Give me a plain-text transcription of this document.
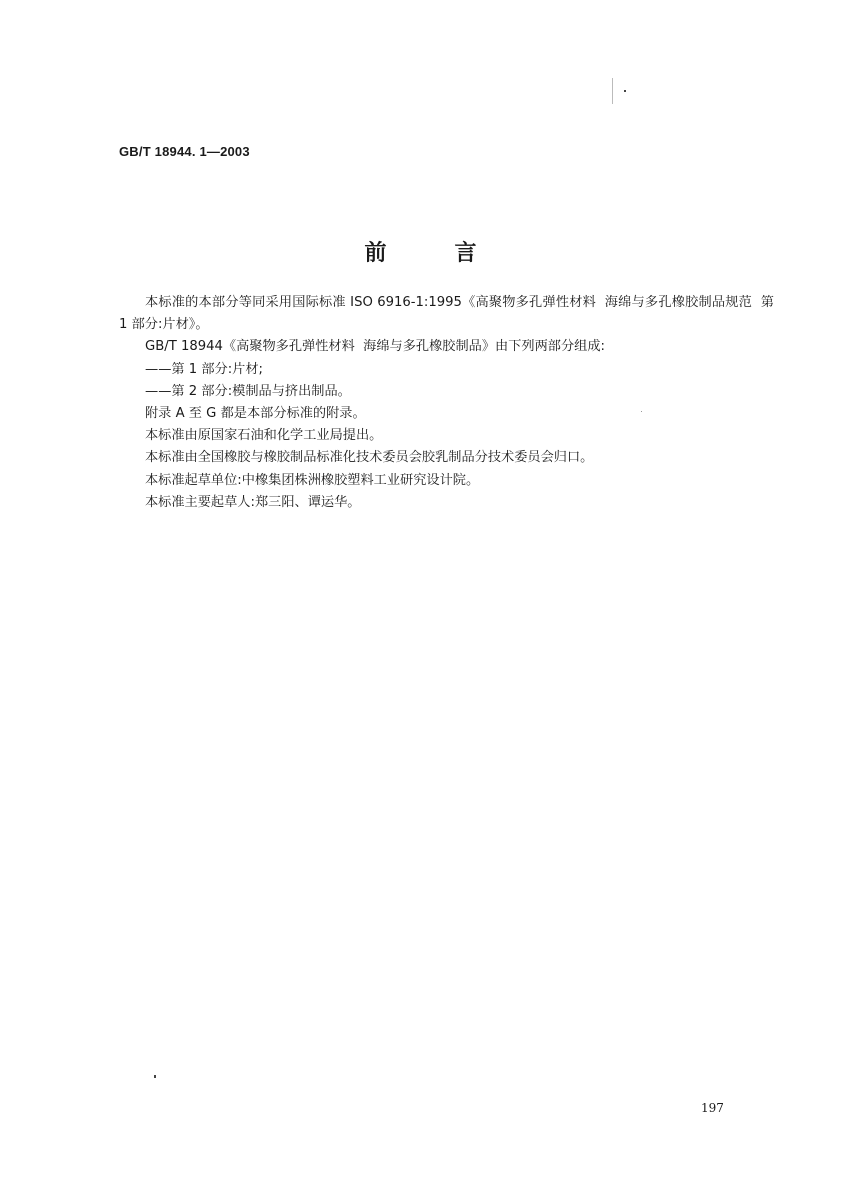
GB/T 18944. 1—2003
前言

本标准的本部分等同采用国际标准 ISO 6916-1:1995《高聚物多孔弹性材料  海绵与多孔橡胶制品规范  第 1 部分:片材》。

GB/T 18944《高聚物多孔弹性材料  海绵与多孔橡胶制品》由下列两部分组成:

——第 1 部分:片材;

——第 2 部分:模制品与挤出制品。

附录 A 至 G 都是本部分标准的附录。

本标准由原国家石油和化学工业局提出。

本标准由全国橡胶与橡胶制品标准化技术委员会胶乳制品分技术委员会归口。

本标准起草单位:中橡集团株洲橡胶塑料工业研究设计院。

本标准主要起草人:郑三阳、谭运华。

197
